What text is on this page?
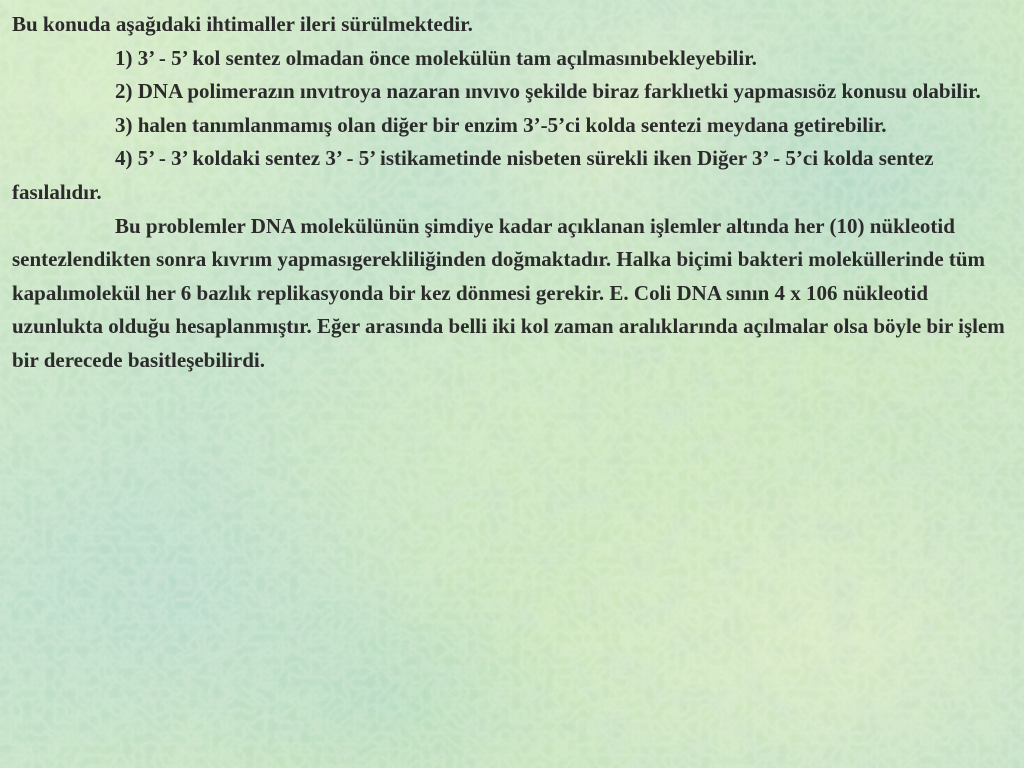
Bu konuda aşağıdaki ihtimaller ileri sürülmektedir.

1) 3’ - 5’ kol sentez olmadan önce molekülün tam açılmasınıbekleyebilir.

2) DNA polimerazın ınvıtroya nazaran ınvıvo şekilde biraz farklıetki yapmasısöz konusu olabilir.

3) halen tanımlanmamış olan diğer bir enzim 3’-5’ci kolda sentezi meydana getirebilir.

4) 5’ - 3’ koldaki sentez 3’ - 5’ istikametinde nisbeten sürekli iken Diğer 3’ - 5’ci kolda sentez fasılalıdır.

Bu problemler DNA molekülünün şimdiye kadar açıklanan işlemler altında her (10) nükleotid sentezlendikten sonra kıvrım yapmasıgerekliliğinden doğmaktadır. Halka biçimi bakteri moleküllerinde tüm kapalımolekül her 6 bazlık replikasyonda bir kez dönmesi gerekir. E. Coli DNA sının 4 x 106 nükleotid uzunlukta olduğu hesaplanmıştır. Eğer arasında belli iki kol zaman aralıklarında açılmalar olsa böyle bir işlem bir derecede basitleşebilirdi.
